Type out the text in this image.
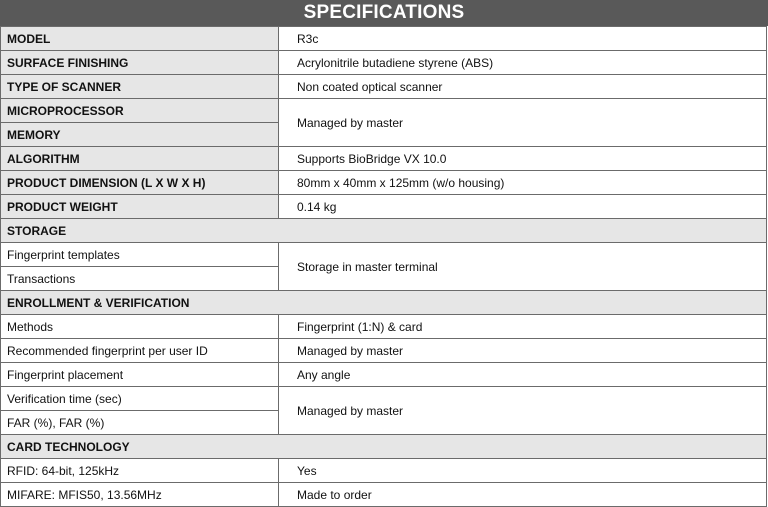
SPECIFICATIONS
MODEL	R3c
SURFACE FINISHING	Acrylonitrile butadiene styrene (ABS)
TYPE OF SCANNER	Non coated optical scanner
MICROPROCESSOR	Managed by master
MEMORY	
ALGORITHM	Supports BioBridge VX 10.0
PRODUCT DIMENSION (L X W X H)	80mm x 40mm x 125mm (w/o housing)
PRODUCT WEIGHT	0.14 kg
STORAGE	
Fingerprint templates	Storage in master terminal
Transactions	
ENROLLMENT & VERIFICATION	
Methods	Fingerprint (1:N) & card
Recommended fingerprint per user ID	Managed by master
Fingerprint placement	Any angle
Verification time (sec)	Managed by master
FAR (%), FAR (%)	
CARD TECHNOLOGY	
RFID: 64-bit, 125kHz	Yes
MIFARE: MFIS50, 13.56MHz	Made to order
